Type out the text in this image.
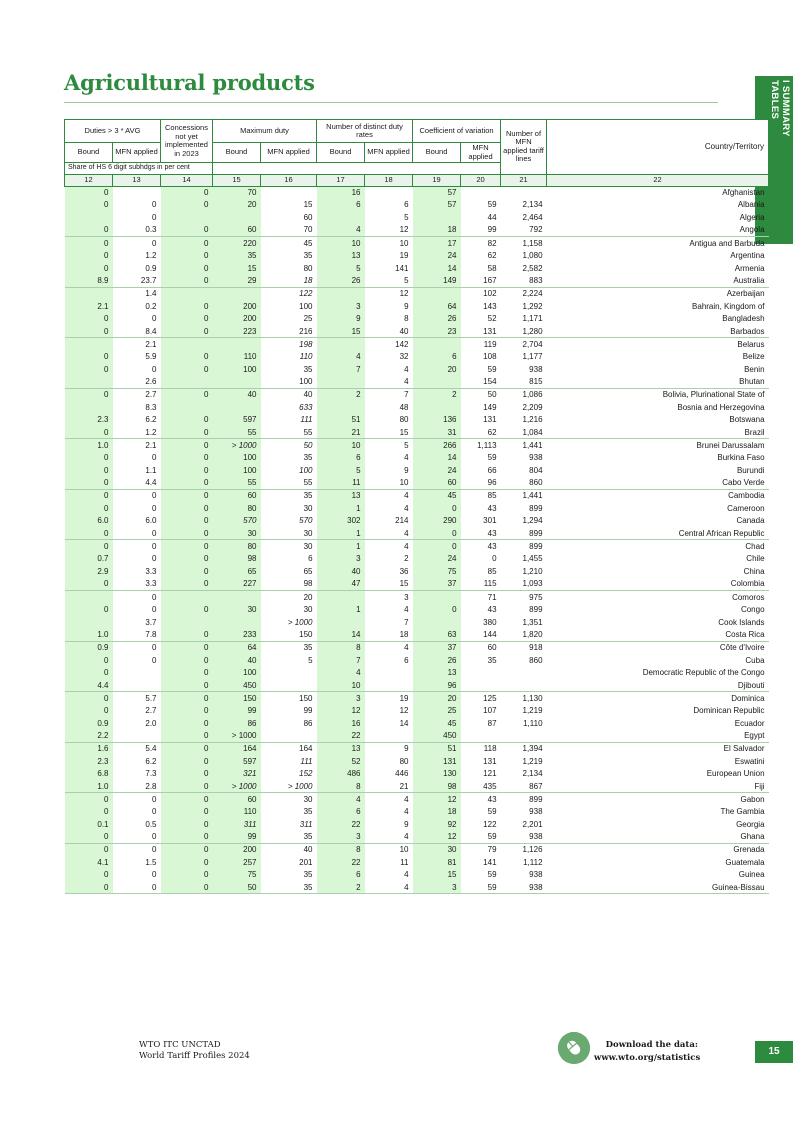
Agricultural products	I SUMMARY
TABLES
Duties > 3 * AVG		Concessions not yet implemented in 2023	Maximum duty		Number of distinct duty rates		Coefficient of variation		Number of MFN applied tariff lines	Country/Territory
Bound	MFN applied		Bound	MFN applied	Bound	MFN applied	Bound	MFN applied		
Share of HS 6 digit subhdgs in per cent										
12	13	14	15	16	17	18	19	20	21	22
0		0	70		16		57			Afghanistan
0	0	0	20	15	6	6	57	59	2,134	Albania
	0			60		5		44	2,464	Algeria
0	0.3	0	60	70	4	12	18	99	792	Angola
0	0	0	220	45	10	10	17	82	1,158	Antigua and Barbuda
0	1.2	0	35	35	13	19	24	62	1,080	Argentina
0	0.9	0	15	80	5	141	14	58	2,582	Armenia
8.9	23.7	0	29	18	26	5	149	167	883	Australia
	1.4			122		12		102	2,224	Azerbaijan
2.1	0.2	0	200	100	3	9	64	143	1,292	Bahrain, Kingdom of
0	0	0	200	25	9	8	26	52	1,171	Bangladesh
0	8.4	0	223	216	15	40	23	131	1,280	Barbados
	2.1			198		142		119	2,704	Belarus
0	5.9	0	110	110	4	32	6	108	1,177	Belize
0	0	0	100	35	7	4	20	59	938	Benin
	2.6			100		4		154	815	Bhutan
0	2.7	0	40	40	2	7	2	50	1,086	Bolivia, Plurinational State of
	8.3			633		48		149	2,209	Bosnia and Herzegovina
2.3	6.2	0	597	111	51	80	136	131	1,216	Botswana
0	1.2	0	55	55	21	15	31	62	1,084	Brazil
1.0	2.1	0	> 1000	50	10	5	266	1,113	1,441	Brunei Darussalam
0	0	0	100	35	6	4	14	59	938	Burkina Faso
0	1.1	0	100	100	5	9	24	66	804	Burundi
0	4.4	0	55	55	11	10	60	96	860	Cabo Verde
0	0	0	60	35	13	4	45	85	1,441	Cambodia
0	0	0	80	30	1	4	0	43	899	Cameroon
6.0	6.0	0	570	570	302	214	290	301	1,294	Canada
0	0	0	30	30	1	4	0	43	899	Central African Republic
0	0	0	80	30	1	4	0	43	899	Chad
0.7	0	0	98	6	3	2	24	0	1,455	Chile
2.9	3.3	0	65	65	40	36	75	85	1,210	China
0	3.3	0	227	98	47	15	37	115	1,093	Colombia
	0			20		3		71	975	Comoros
0	0	0	30	30	1	4	0	43	899	Congo
	3.7			> 1000		7		380	1,351	Cook Islands
1.0	7.8	0	233	150	14	18	63	144	1,820	Costa Rica
0.9	0	0	64	35	8	4	37	60	918	Côte d'Ivoire
0	0	0	40	5	7	6	26	35	860	Cuba
0		0	100		4		13			Democratic Republic of the Congo
4.4		0	450		10		96			Djibouti
0	5.7	0	150	150	3	19	20	125	1,130	Dominica
0	2.7	0	99	99	12	12	25	107	1,219	Dominican Republic
0.9	2.0	0	86	86	16	14	45	87	1,110	Ecuador
2.2		0	> 1000		22		450			Egypt
1.6	5.4	0	164	164	13	9	51	118	1,394	El Salvador
2.3	6.2	0	597	111	52	80	131	131	1,219	Eswatini
6.8	7.3	0	321	152	486	446	130	121	2,134	European Union
1.0	2.8	0	> 1000	> 1000	8	21	98	435	867	Fiji
0	0	0	60	30	4	4	12	43	899	Gabon
0	0	0	110	35	6	4	18	59	938	The Gambia
0.1	0.5	0	311	311	22	9	92	122	2,201	Georgia
0	0	0	99	35	3	4	12	59	938	Ghana
0	0	0	200	40	8	10	30	79	1,126	Grenada
4.1	1.5	0	257	201	22	11	81	141	1,112	Guatemala
0	0	0	75	35	6	4	15	59	938	Guinea
0	0	0	50	35	2	4	3	59	938	Guinea-Bissau
WTO ITC UNCTAD
World Tariff Profiles 2024
Download the data:
www.wto.org/statistics
15
